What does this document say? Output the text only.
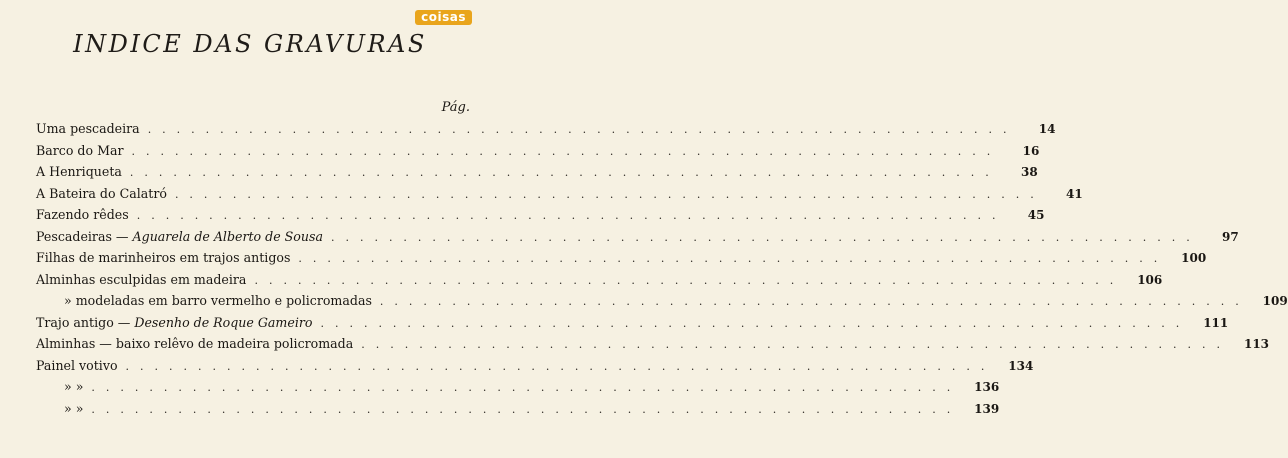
coisas
INDICE DAS GRAVURAS
Pág.
Uma pescadeira ............................................................	14
Barco do Mar ............................................................	16
A Henriqueta ............................................................	38
A Bateira do Calatró ............................................................	41
Fazendo rêdes ............................................................	45
Pescadeiras — Aguarela de Alberto de Sousa ............................................................	97
Filhas de marinheiros em trajos antigos ............................................................	100
Alminhas esculpidas em madeira ............................................................	106
» modeladas em barro vermelho e policromadas ............................................................	109
Trajo antigo — Desenho de Roque Gameiro ............................................................	111
Alminhas — baixo relêvo de madeira policromada ............................................................	113
Painel votivo ............................................................	134
» » ............................................................	136
» » ............................................................	139
